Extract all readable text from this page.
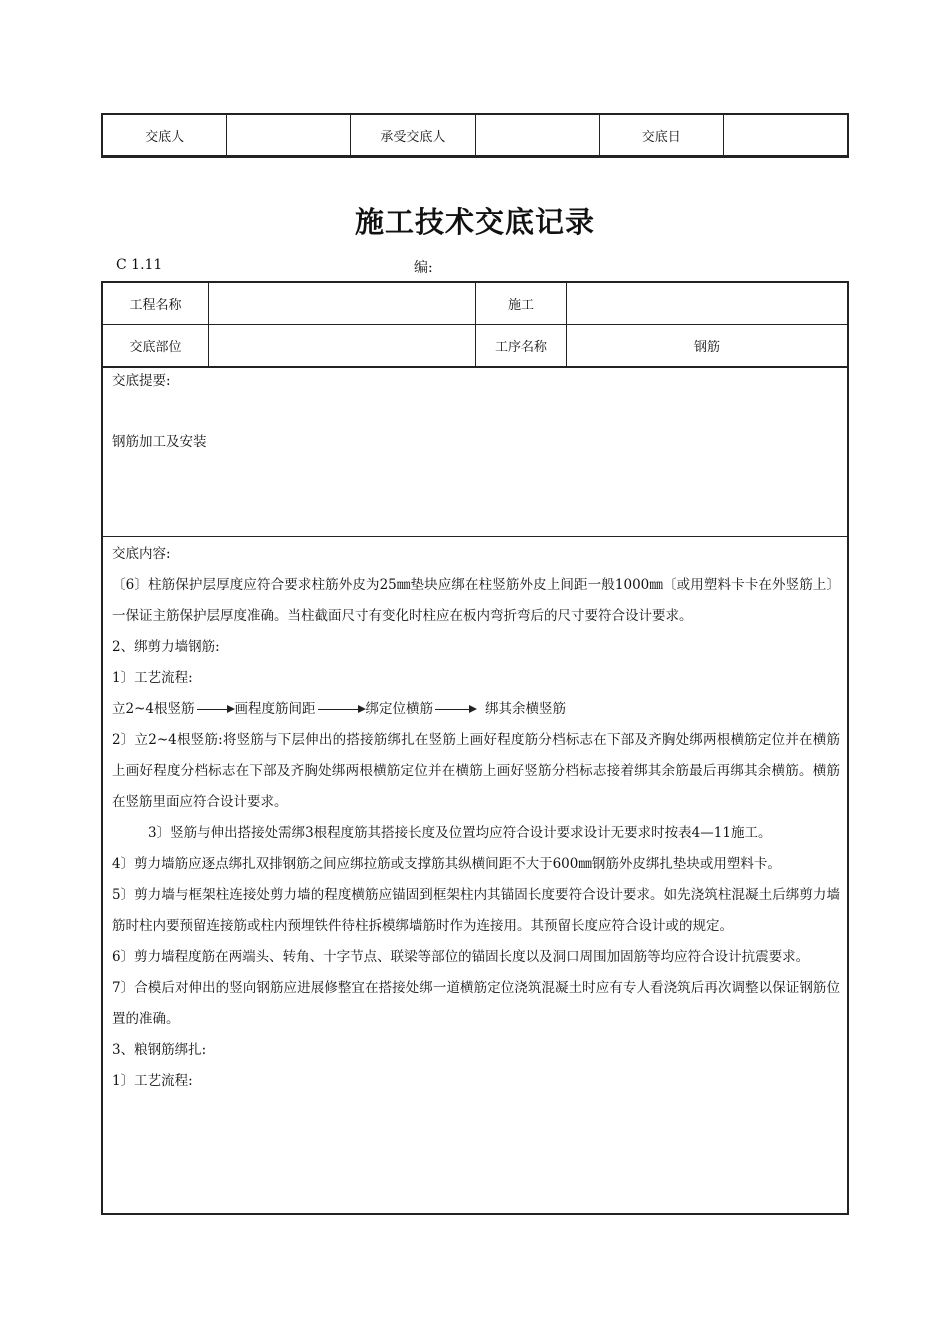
交底人		承受交底人		交底日	
施工技术交底记录
C 1.11	编:
工程名称		施工	
交底部位		工序名称	钢筋
交底提要:
钢筋加工及安装

交底内容:

〔6〕柱筋保护层厚度应符合要求柱筋外皮为25㎜垫块应绑在柱竖筋外皮上间距一般1000㎜〔或用塑料卡卡在外竖筋上〕一保证主筋保护层厚度准确。当柱截面尺寸有变化时柱应在板内弯折弯后的尺寸要符合设计要求。

2、绑剪力墙钢筋:

1〕工艺流程:

立2~4根竖筋	画程度筋间距	绑定位横筋	绑其余横竖筋

2〕立2~4根竖筋:将竖筋与下层伸出的搭接筋绑扎在竖筋上画好程度筋分档标志在下部及齐胸处绑两根横筋定位并在横筋上画好程度分档标志在下部及齐胸处绑两根横筋定位并在横筋上画好竖筋分档标志接着绑其余筋最后再绑其余横筋。横筋在竖筋里面应符合设计要求。

3〕竖筋与伸出搭接处需绑3根程度筋其搭接长度及位置均应符合设计要求设计无要求时按表4—11施工。

4〕剪力墙筋应逐点绑扎双排钢筋之间应绑拉筋或支撑筋其纵横间距不大于600㎜钢筋外皮绑扎垫块或用塑料卡。

5〕剪力墙与框架柱连接处剪力墙的程度横筋应锚固到框架柱内其锚固长度要符合设计要求。如先浇筑柱混凝土后绑剪力墙筋时柱内要预留连接筋或柱内预埋铁件待柱拆模绑墙筋时作为连接用。其预留长度应符合设计或的规定。

6〕剪力墙程度筋在两端头、转角、十字节点、联梁等部位的锚固长度以及洞口周围加固筋等均应符合设计抗震要求。

7〕合模后对伸出的竖向钢筋应进展修整宜在搭接处绑一道横筋定位浇筑混凝土时应有专人看浇筑后再次调整以保证钢筋位置的准确。

3、粮钢筋绑扎:

1〕工艺流程:
